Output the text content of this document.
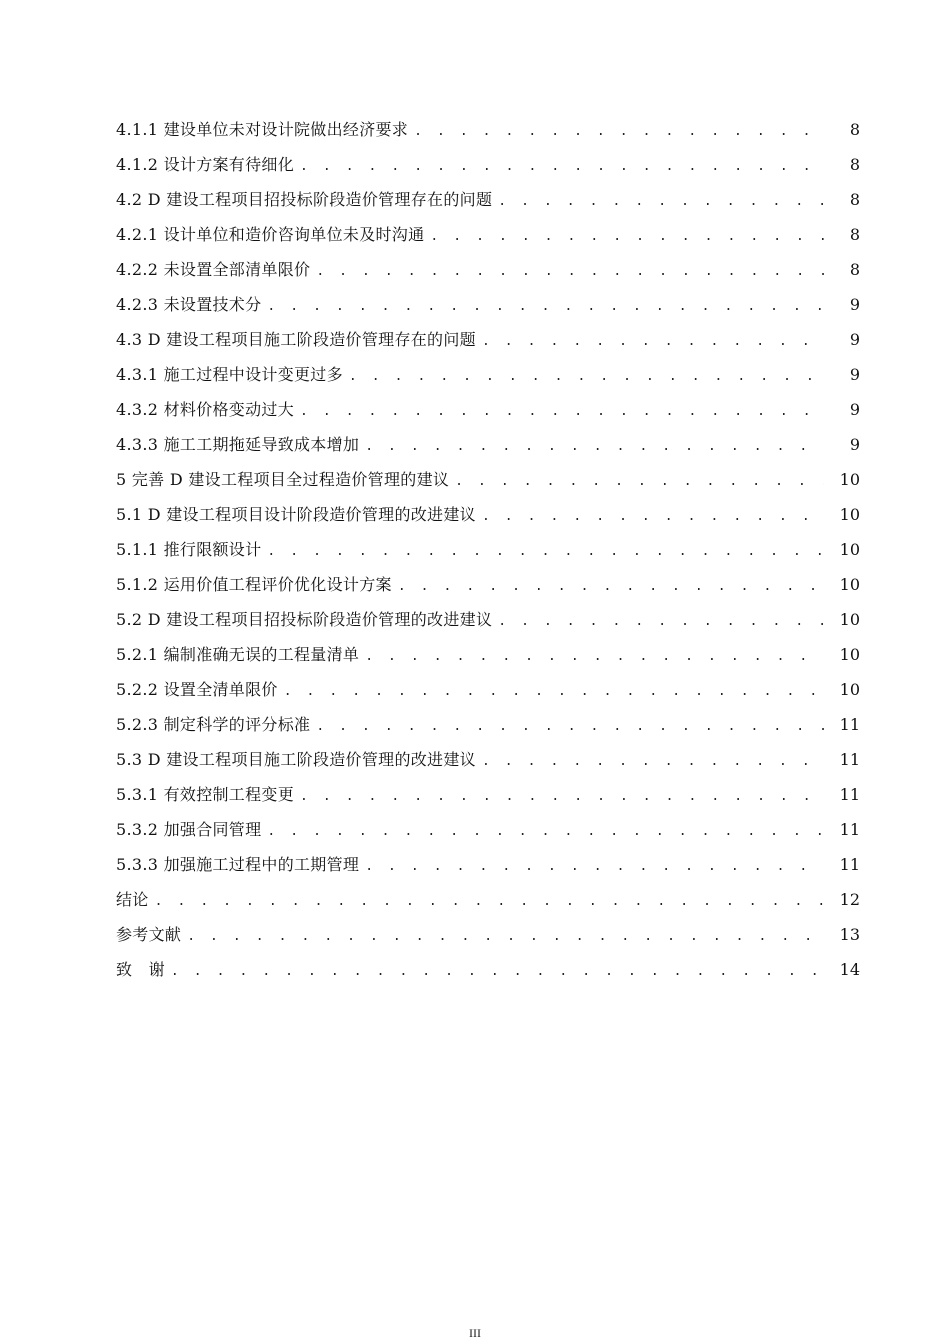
4.1.1 建设单位未对设计院做出经济要求 . . .	8
4.1.2 设计方案有待细化 . . .	8
4.2 D 建设工程项目招投标阶段造价管理存在的问题 . . .	8
4.2.1 设计单位和造价咨询单位未及时沟通 . . .	8
4.2.2 未设置全部清单限价 . . .	8
4.2.3 未设置技术分 . . .	9
4.3 D 建设工程项目施工阶段造价管理存在的问题 . . .	9
4.3.1 施工过程中设计变更过多 . . .	9
4.3.2 材料价格变动过大 . . .	9
4.3.3 施工工期拖延导致成本增加 . . .	9
5 完善 D 建设工程项目全过程造价管理的建议 . . .	10
5.1 D 建设工程项目设计阶段造价管理的改进建议 . . .	10
5.1.1 推行限额设计 . . .	10
5.1.2 运用价值工程评价优化设计方案 . . .	10
5.2 D 建设工程项目招投标阶段造价管理的改进建议 . . .	10
5.2.1 编制准确无误的工程量清单 . . .	10
5.2.2 设置全清单限价 . . .	10
5.2.3 制定科学的评分标准 . . .	11
5.3 D 建设工程项目施工阶段造价管理的改进建议 . . .	11
5.3.1 有效控制工程变更 . . .	11
5.3.2 加强合同管理 . . .	11
5.3.3 加强施工过程中的工期管理 . . .	11
结论 . . .	12
参考文献 . . .	13
致　谢 . . .	14
III
